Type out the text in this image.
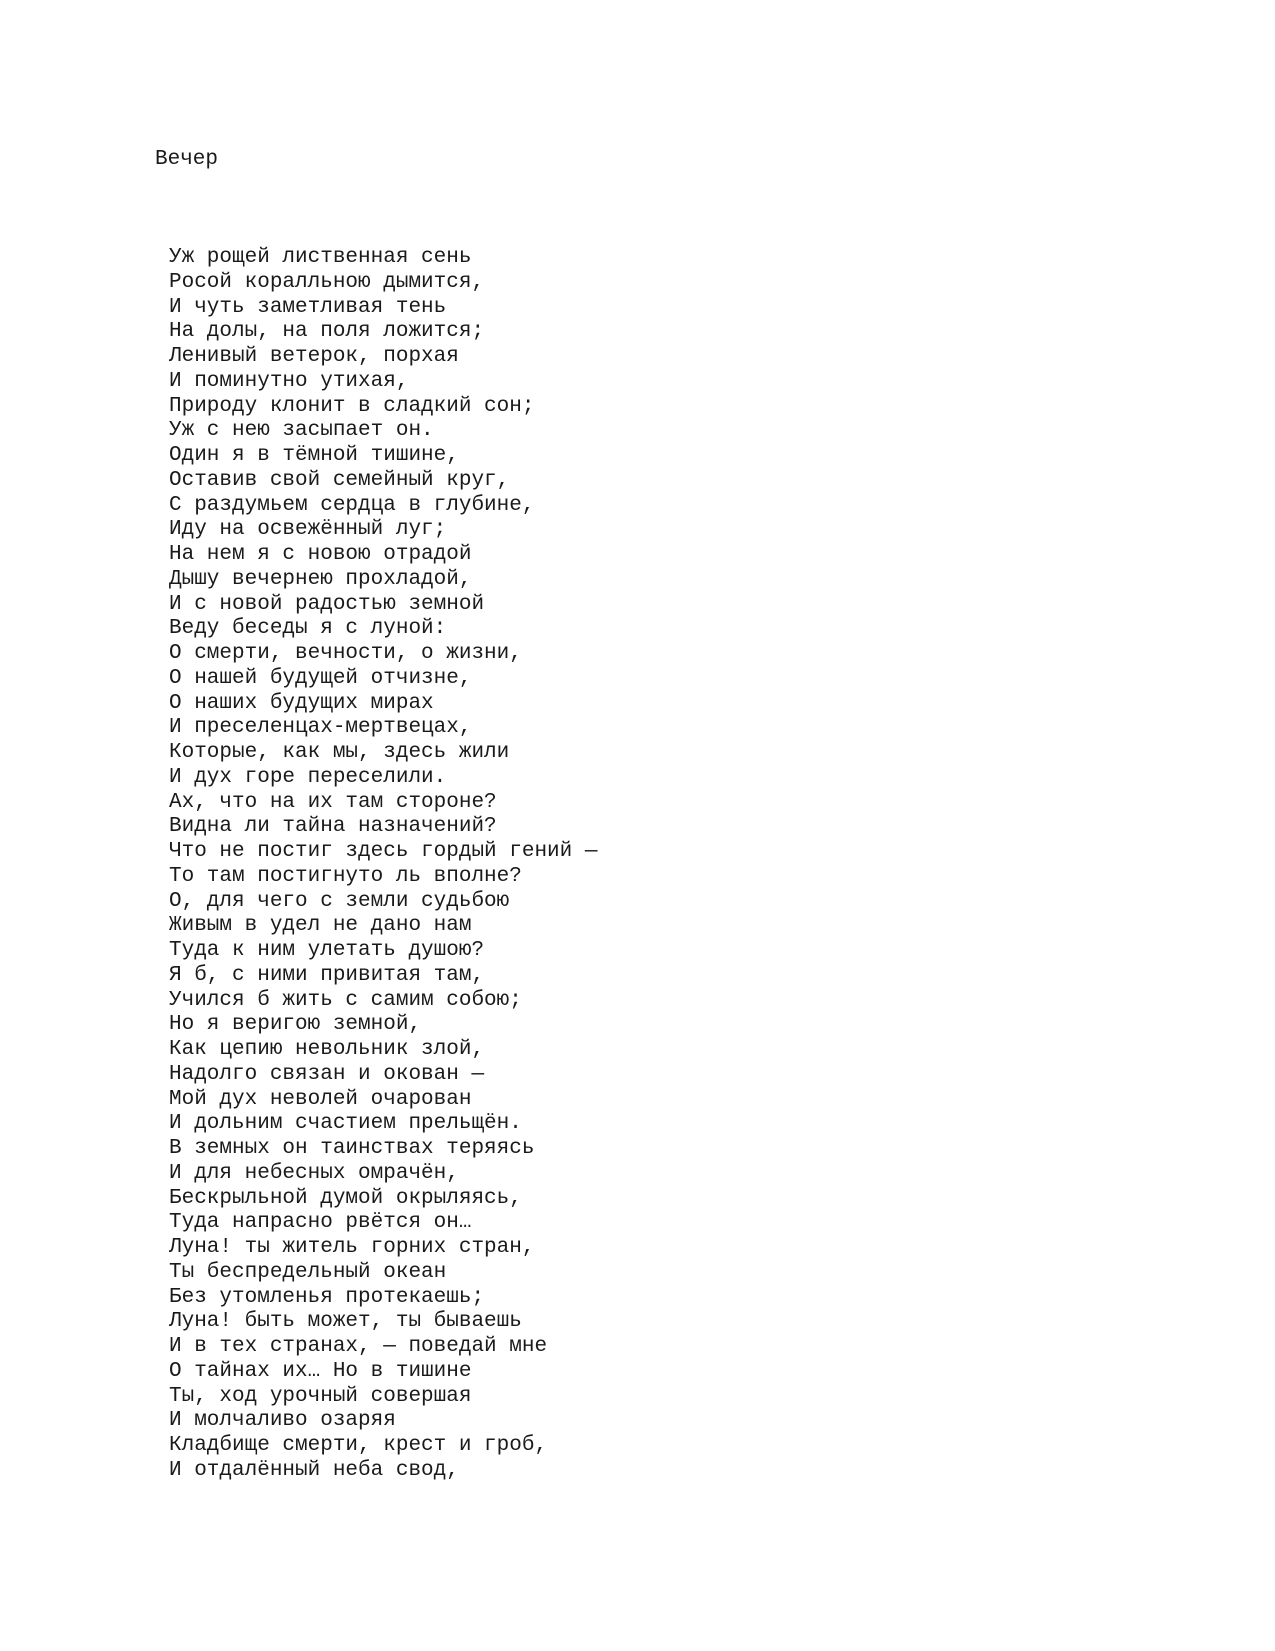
Вечер
Уж рощей лиственная сень
Росой коралльною дымится,
И чуть заметливая тень
На долы, на поля ложится;
Ленивый ветерок, порхая
И поминутно утихая,
Природу клонит в сладкий сон;
Уж с нею засыпает он.
Один я в тёмной тишине,
Оставив свой семейный круг,
С раздумьем сердца в глубине,
Иду на освежённый луг;
На нем я с новою отрадой
Дышу вечернею прохладой,
И с новой радостью земной
Веду беседы я с луной:
О смерти, вечности, о жизни,
О нашей будущей отчизне,
О наших будущих мирах
И преселенцах-мертвецах,
Которые, как мы, здесь жили
И дух горе переселили.
Ах, что на их там стороне?
Видна ли тайна назначений?
Что не постиг здесь гордый гений —
То там постигнуто ль вполне?
О, для чего с земли судьбою
Живым в удел не дано нам
Туда к ним улетать душою?
Я б, с ними привитая там,
Учился б жить с самим собою;
Но я веригою земной,
Как цепию невольник злой,
Надолго связан и окован —
Мой дух неволей очарован
И дольним счастием прельщён.
В земных он таинствах теряясь
И для небесных омрачён,
Бескрыльной думой окрыляясь,
Туда напрасно рвётся он…
Луна! ты житель горних стран,
Ты беспредельный океан
Без утомленья протекаешь;
Луна! быть может, ты бываешь
И в тех странах, — поведай мне
О тайнах их… Но в тишине
Ты, ход урочный совершая
И молчаливо озаряя
Кладбище смерти, крест и гроб,
И отдалённый неба свод,
